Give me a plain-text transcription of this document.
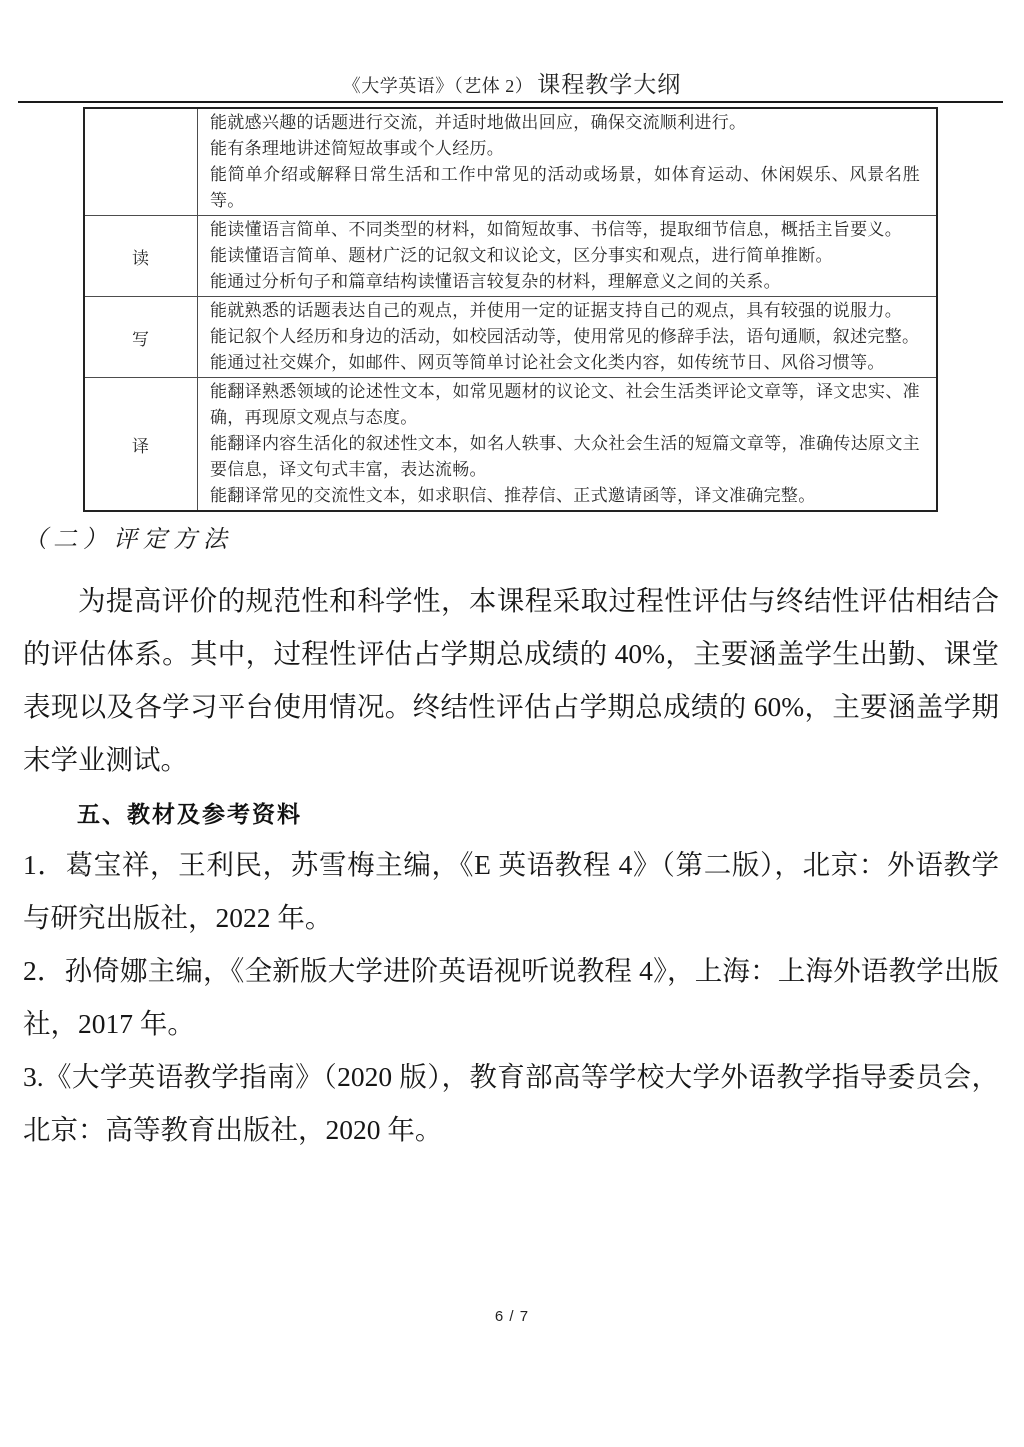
《大学英语》（艺体 2） 课程教学大纲

	能就感兴趣的话题进行交流，并适时地做出回应，确保交流顺利进行。

能有条理地讲述简短故事或个人经历。

能简单介绍或解释日常生活和工作中常见的活动或场景，如体育运动、休闲娱乐、风景名胜等。

读	能读懂语言简单、不同类型的材料，如简短故事、书信等，提取细节信息，概括主旨要义。

能读懂语言简单、题材广泛的记叙文和议论文，区分事实和观点，进行简单推断。

能通过分析句子和篇章结构读懂语言较复杂的材料，理解意义之间的关系。

写	能就熟悉的话题表达自己的观点，并使用一定的证据支持自己的观点，具有较强的说服力。

能记叙个人经历和身边的活动，如校园活动等，使用常见的修辞手法，语句通顺，叙述完整。

能通过社交媒介，如邮件、网页等简单讨论社会文化类内容，如传统节日、风俗习惯等。

译	能翻译熟悉领域的论述性文本，如常见题材的议论文、社会生活类评论文章等，译文忠实、准确，再现原文观点与态度。

能翻译内容生活化的叙述性文本，如名人轶事、大众社会生活的短篇文章等，准确传达原文主要信息，译文句式丰富，表达流畅。

能翻译常见的交流性文本，如求职信、推荐信、正式邀请函等，译文准确完整。

（二）评定方法

为提高评价的规范性和科学性，本课程采取过程性评估与终结性评估相结合的评估体系。其中，过程性评估占学期总成绩的 40%，主要涵盖学生出勤、课堂表现以及各学习平台使用情况。终结性评估占学期总成绩的 60%，主要涵盖学期末学业测试。

五、教材及参考资料

1．葛宝祥，王利民，苏雪梅主编，《E 英语教程 4》（第二版），北京：外语教学与研究出版社，2022 年。

2．孙倚娜主编，《全新版大学进阶英语视听说教程 4》，上海：上海外语教学出版社，2017 年。

3.《大学英语教学指南》（2020 版），教育部高等学校大学外语教学指导委员会，北京：高等教育出版社，2020 年。

6 / 7
